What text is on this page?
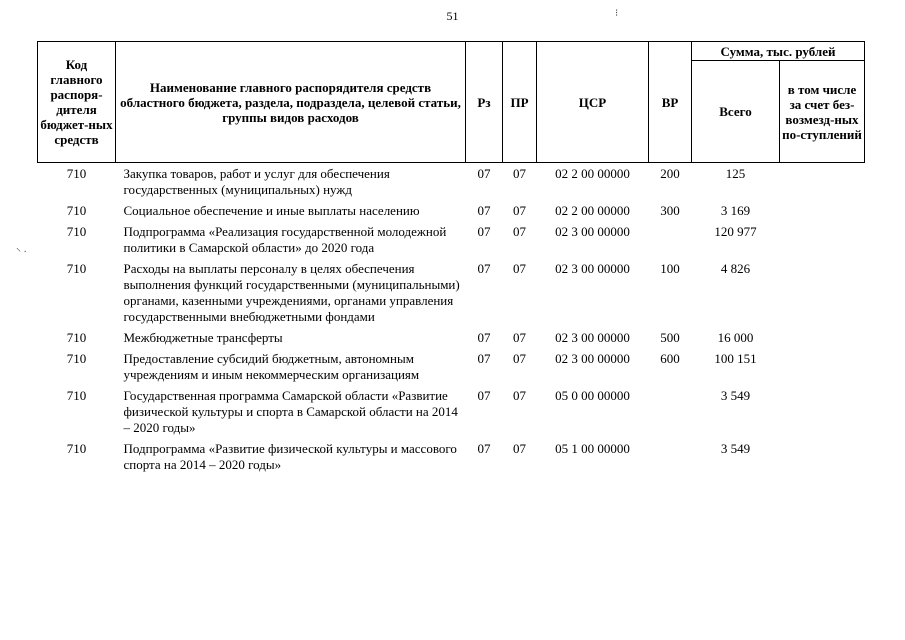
51	⁝
⸌ ·
Код главного распоря-дителя бюджет-ных средств	Наименование главного распорядителя средств областного бюджета, раздела, подраздела, целевой статьи, группы видов расходов	Рз	ПР	ЦСР	ВР	Сумма, тыс. рублей	
						Всего	в том числе за счет без-возмезд-ных по-ступлений
710	Закупка товаров, работ и услуг для обеспечения государственных (муниципальных) нужд	07	07	02 2 00 00000	200	125	
710	Социальное обеспечение и иные выплаты населению	07	07	02 2 00 00000	300	3 169	
710	Подпрограмма «Реализация государственной молодежной политики в Самарской области» до 2020 года	07	07	02 3 00 00000		120 977	
710	Расходы на выплаты персоналу в целях обеспечения выполнения функций государственными (муниципальными) органами, казенными учреждениями, органами управления государственными внебюджетными фондами	07	07	02 3 00 00000	100	4 826	
710	Межбюджетные трансферты	07	07	02 3 00 00000	500	16 000	
710	Предоставление субсидий бюджетным, автономным учреждениям и иным некоммерческим организациям	07	07	02 3 00 00000	600	100 151	
710	Государственная программа Самарской области «Развитие физической культуры и спорта в Самарской области на 2014 – 2020 годы»	07	07	05 0 00 00000		3 549	
710	Подпрограмма «Развитие физической культуры и массового спорта на 2014 – 2020 годы»	07	07	05 1 00 00000		3 549	
